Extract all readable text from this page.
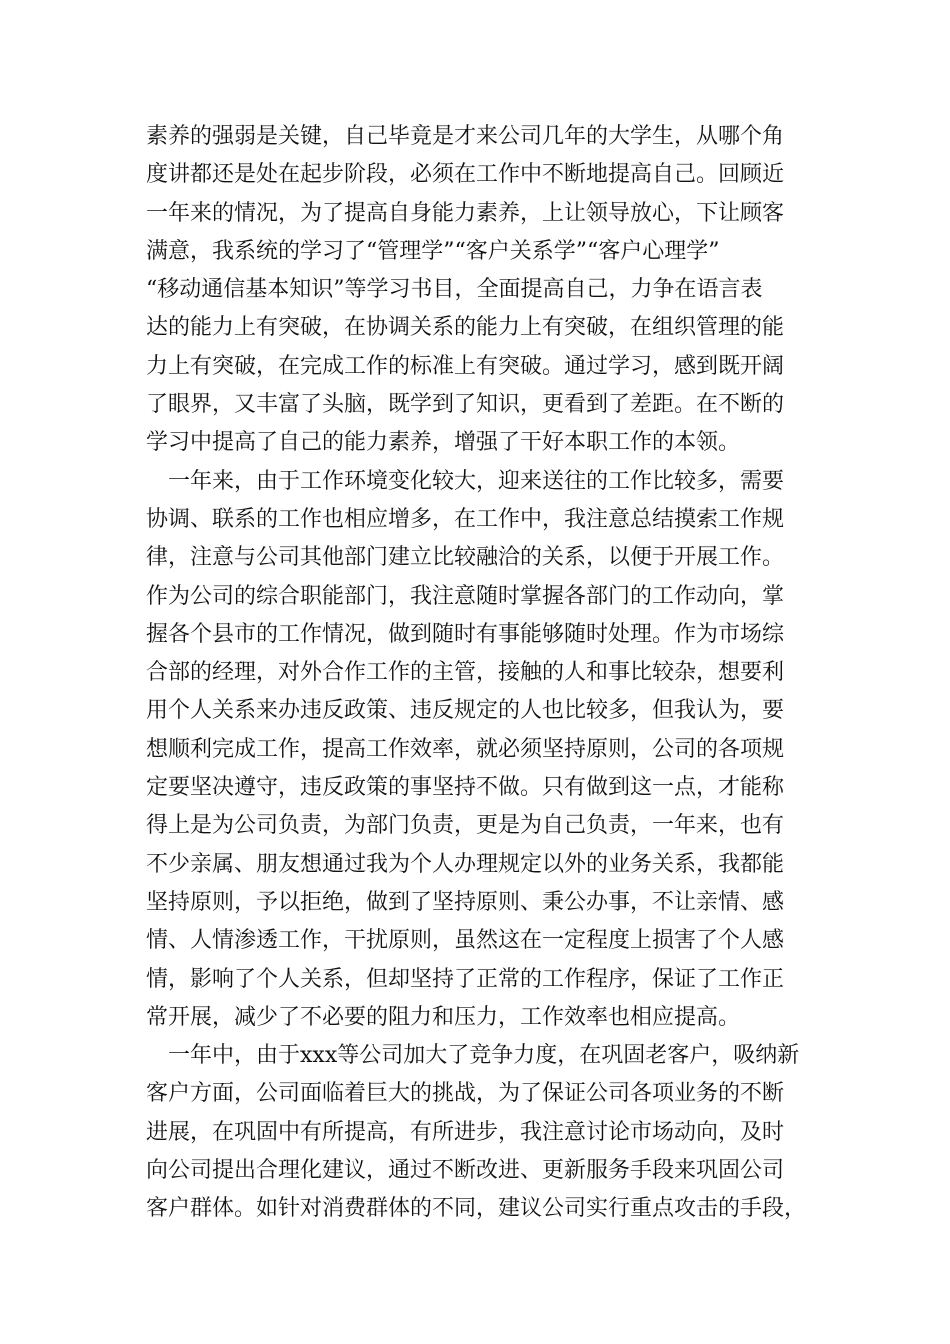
素养的强弱是关键，自己毕竟是才来公司几年的大学生，从哪个角
度讲都还是处在起步阶段，必须在工作中不断地提高自己。回顾近
一年来的情况，为了提高自身能力素养，上让领导放心，下让顾客
满意，我系统的学习了“管理学”“客户关系学”“客户心理学”
“移动通信基本知识”等学习书目，全面提高自己，力争在语言表
达的能力上有突破，在协调关系的能力上有突破，在组织管理的能
力上有突破，在完成工作的标准上有突破。通过学习，感到既开阔
了眼界，又丰富了头脑，既学到了知识，更看到了差距。在不断的
学习中提高了自己的能力素养，增强了干好本职工作的本领。
　一年来，由于工作环境变化较大，迎来送往的工作比较多，需要
协调、联系的工作也相应增多，在工作中，我注意总结摸索工作规
律，注意与公司其他部门建立比较融洽的关系，以便于开展工作。
作为公司的综合职能部门，我注意随时掌握各部门的工作动向，掌
握各个县市的工作情况，做到随时有事能够随时处理。作为市场综
合部的经理，对外合作工作的主管，接触的人和事比较杂，想要利
用个人关系来办违反政策、违反规定的人也比较多，但我认为，要
想顺利完成工作，提高工作效率，就必须坚持原则，公司的各项规
定要坚决遵守，违反政策的事坚持不做。只有做到这一点，才能称
得上是为公司负责，为部门负责，更是为自己负责，一年来，也有
不少亲属、朋友想通过我为个人办理规定以外的业务关系，我都能
坚持原则，予以拒绝，做到了坚持原则、秉公办事，不让亲情、感
情、人情渗透工作，干扰原则，虽然这在一定程度上损害了个人感
情，影响了个人关系，但却坚持了正常的工作程序，保证了工作正
常开展，减少了不必要的阻力和压力，工作效率也相应提高。
　一年中，由于xxx等公司加大了竞争力度，在巩固老客户，吸纳新
客户方面，公司面临着巨大的挑战，为了保证公司各项业务的不断
进展，在巩固中有所提高，有所进步，我注意讨论市场动向，及时
向公司提出合理化建议，通过不断改进、更新服务手段来巩固公司
客户群体。如针对消费群体的不同，建议公司实行重点攻击的手段，
